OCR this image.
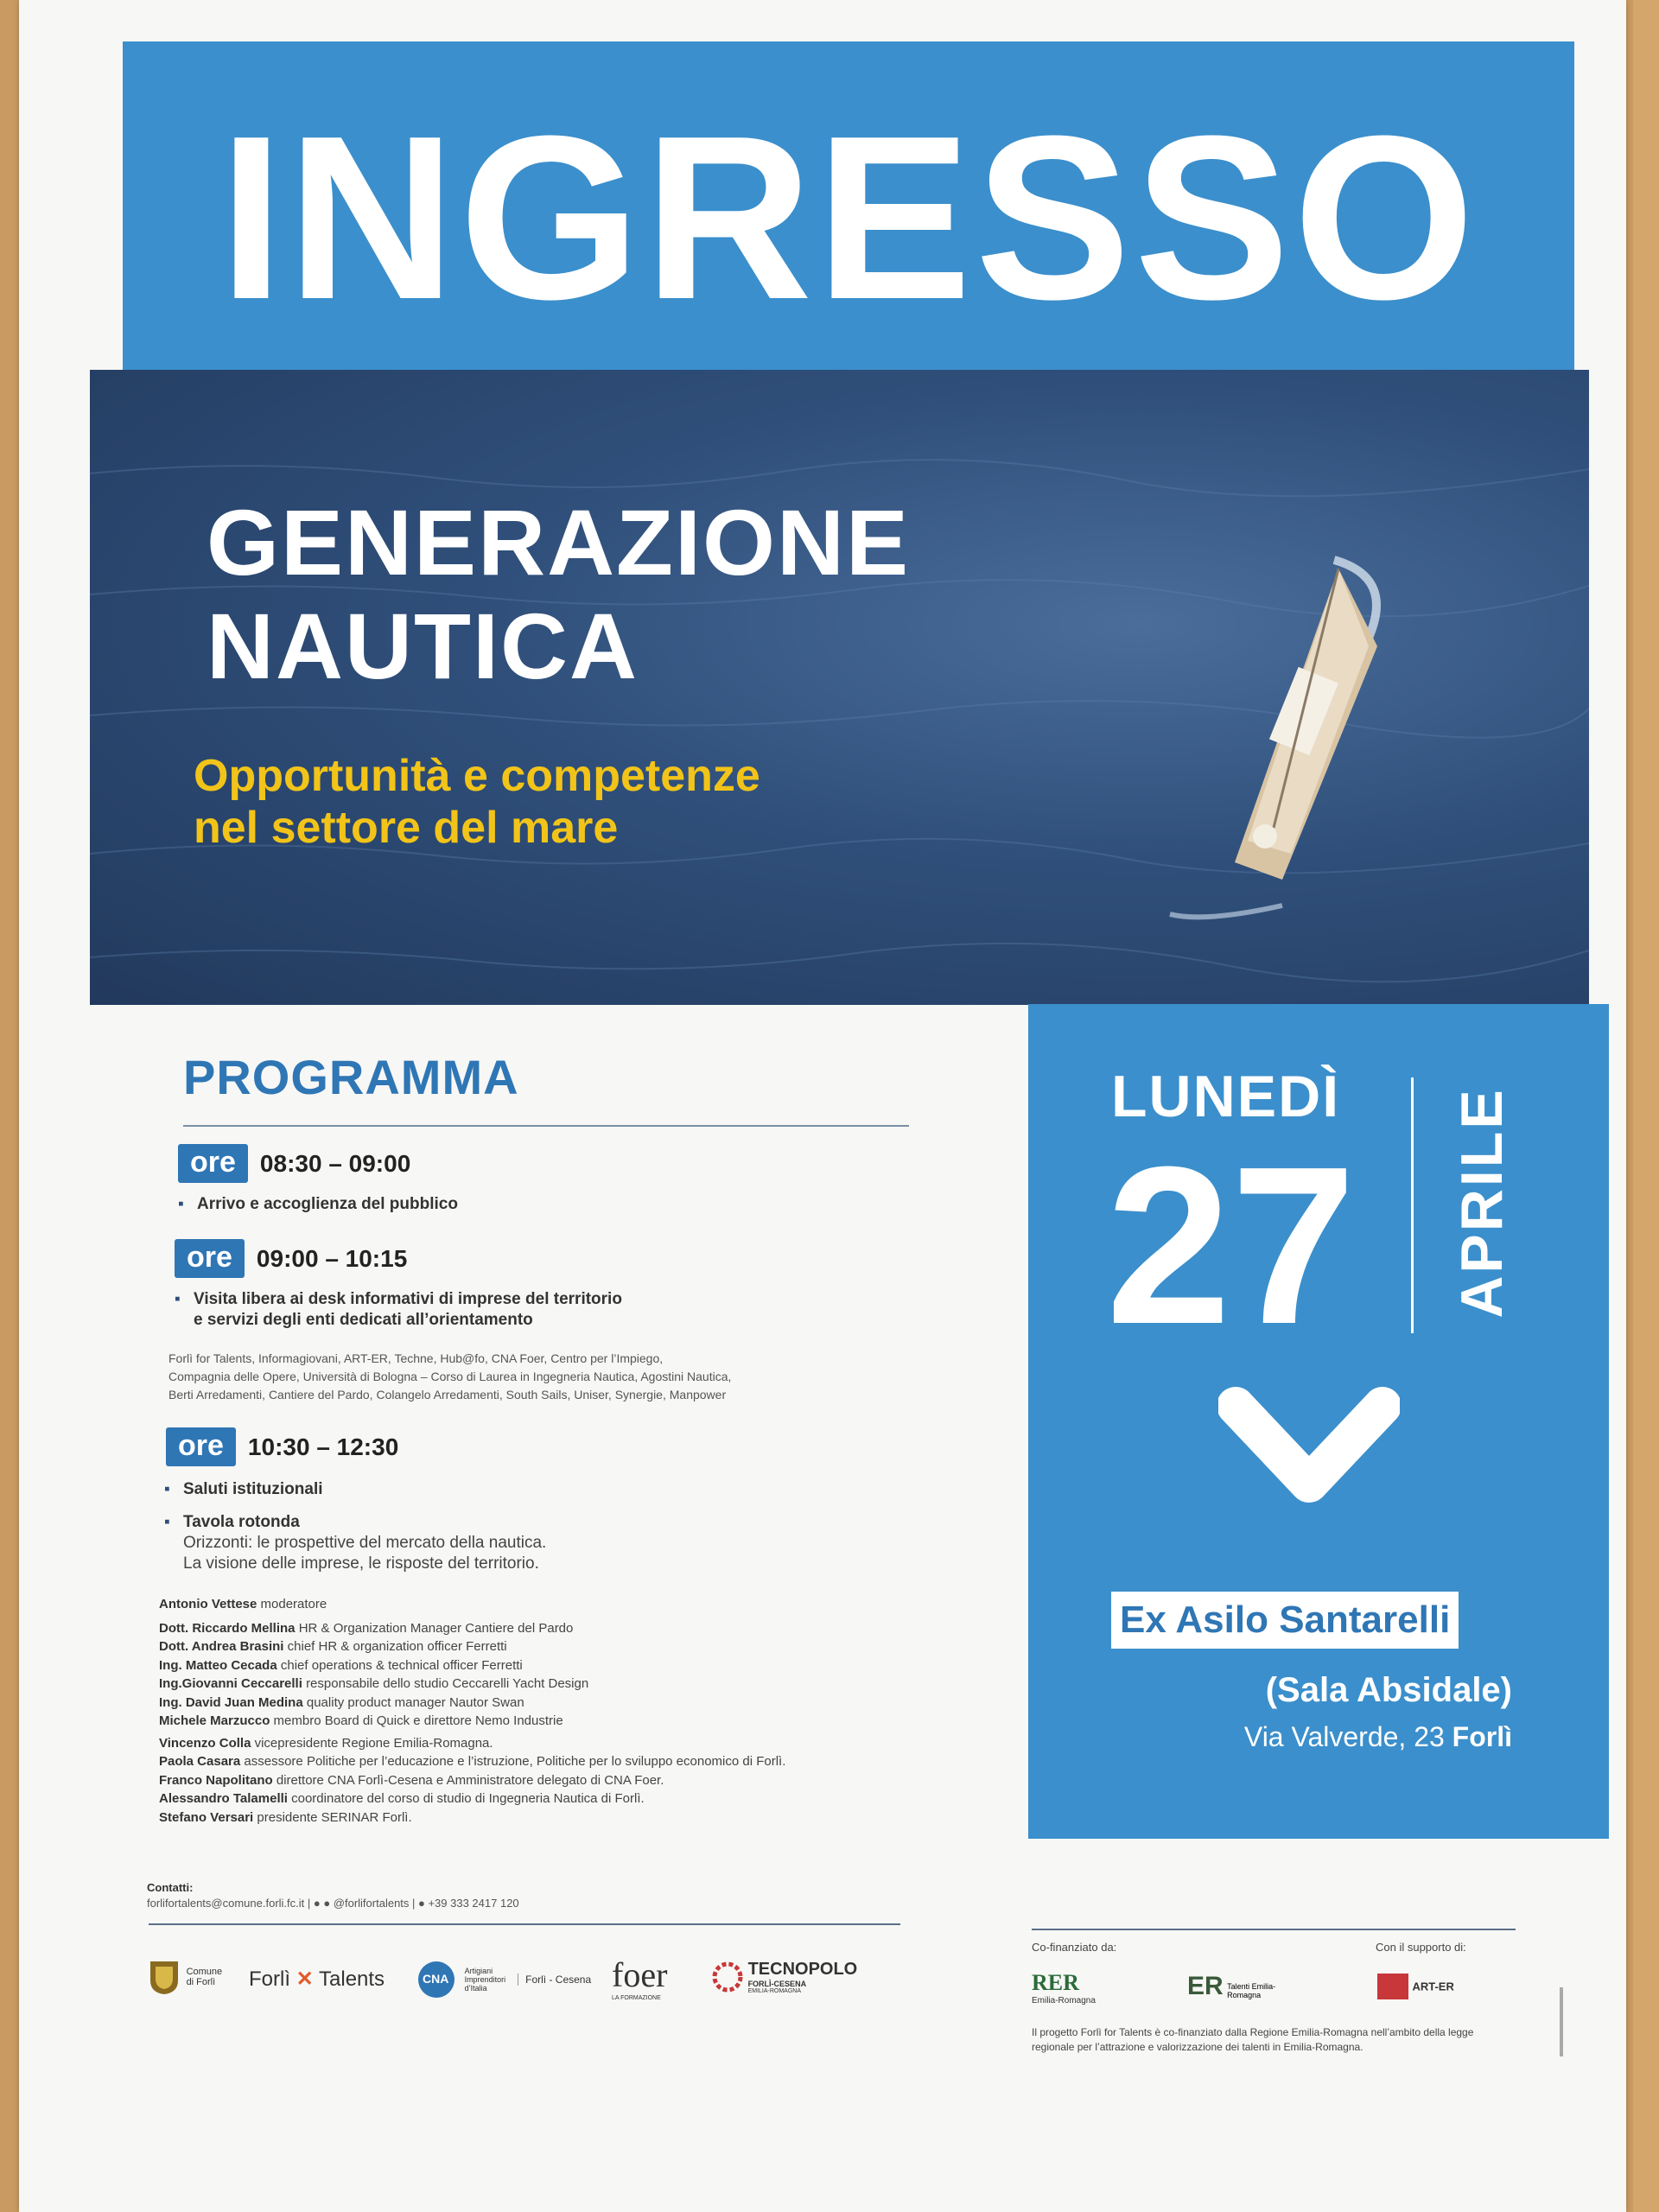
INGRESSO
GENERAZIONE
NAUTICA
Opportunità e competenze
nel settore del mare
PROGRAMMA
ore 08:30 – 09:00
▪ Arrivo e accoglienza del pubblico
ore 09:00 – 10:15
▪ Visita libera ai desk informativi di imprese del territorio
e servizi degli enti dedicati all’orientamento
Forlì for Talents, Informagiovani, ART-ER, Techne, Hub@fo, CNA Foer, Centro per l’Impiego,
Compagnia delle Opere, Università di Bologna – Corso di Laurea in Ingegneria Nautica, Agostini Nautica,
Berti Arredamenti, Cantiere del Pardo, Colangelo Arredamenti, South Sails, Uniser, Synergie, Manpower
ore 10:30 – 12:30
▪ Saluti istituzionali
▪ Tavola rotonda
Orizzonti: le prospettive del mercato della nautica.
La visione delle imprese, le risposte del territorio.
Antonio Vettese moderatore
Dott. Riccardo Mellina HR & Organization Manager Cantiere del Pardo
Dott. Andrea Brasini chief HR & organization officer Ferretti
Ing. Matteo Cecada chief operations & technical officer Ferretti
Ing.Giovanni Ceccarelli responsabile dello studio Ceccarelli Yacht Design
Ing. David Juan Medina quality product manager Nautor Swan
Michele Marzucco membro Board di Quick e direttore Nemo Industrie
Vincenzo Colla vicepresidente Regione Emilia-Romagna.
Paola Casara assessore Politiche per l’educazione e l’istruzione, Politiche per lo sviluppo economico di Forlì.
Franco Napolitano direttore CNA Forlì-Cesena e Amministratore delegato di CNA Foer.
Alessandro Talamelli coordinatore del corso di studio di Ingegneria Nautica di Forlì.
Stefano Versari presidente SERINAR Forlì.
Contatti:
forlifortalents@comune.forli.fc.it | ● ● @forlifortalents | ● +39 333 2417 120
Comune di Forlì	Forlì ✕ Talents
	CNA
Artigiani Imprenditori d’Italia Forlì - Cesena foer
LA FORMAZIONE

TECNOPOLO
FORLÌ-CESENA
EMILIA-ROMAGNA
LUNEDÌ
27 APRILE
Ex Asilo Santarelli
(Sala Absidale)
Via Valverde, 23 Forlì
Co-finanziato da:	Con il supporto di:
RER
Emilia-Romagna
ER Talenti Emilia-Romagna
ART-ER
Il progetto Forlì for Talents è co-finanziato dalla Regione Emilia-Romagna nell’ambito della legge regionale per l’attrazione e valorizzazione dei talenti in Emilia-Romagna.
